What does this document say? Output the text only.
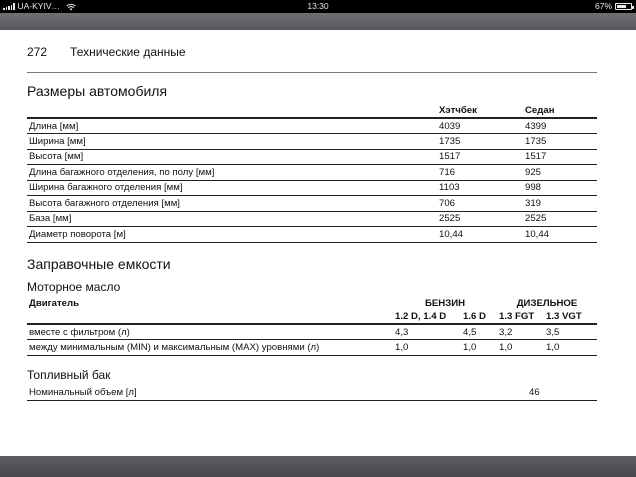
UA-KYIV…	13:30	67%
272 Технические данные
Размеры автомобиля
	Хэтчбек	Седан
Длина [мм]	4039	4399
Ширина [мм]	1735	1735
Высота [мм]	1517	1517
Длина багажного отделения, по полу [мм]	716	925
Ширина багажного отделения [мм]	1103	998
Высота багажного отделения [мм]	706	319
База [мм]	2525	2525
Диаметр поворота [м]	10,44	10,44
Заправочные емкости
Моторное масло
Двигатель	БЕНЗИН		ДИЗЕЛЬНОЕ	
	1.2 D, 1.4 D	1.6 D	1.3 FGT	1.3 VGT
вместе с фильтром (л)	4,3	4,5	3,2	3,5
между минимальным (MIN) и максимальным (MAX) уровнями (л)	1,0	1,0	1,0	1,0
Топливный бак
Номинальный объем [л]	46
